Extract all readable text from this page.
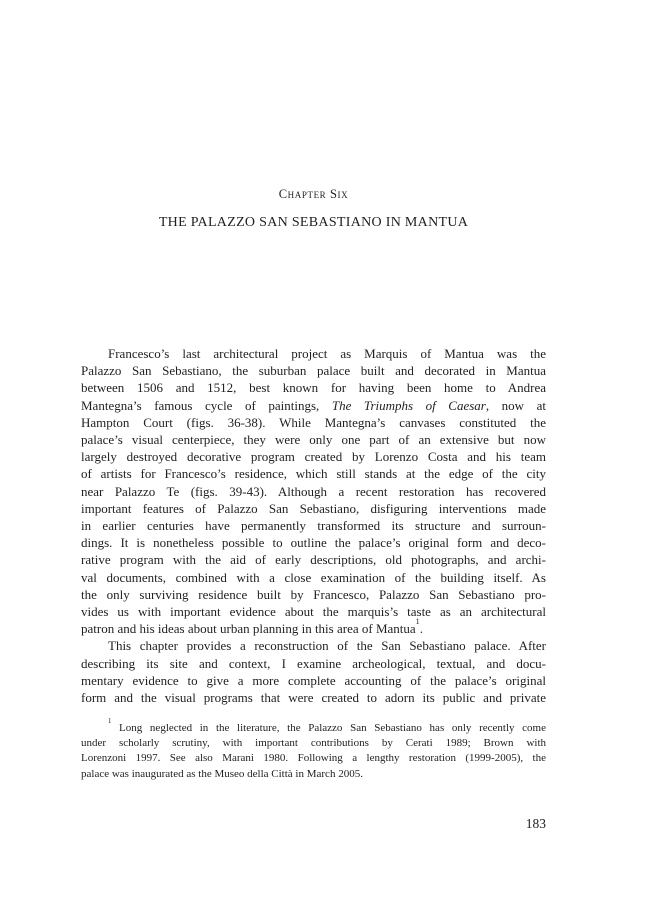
Chapter Six
THE PALAZZO SAN SEBASTIANO IN MANTUA
Francesco’s last architectural project as Marquis of Mantua was the
Palazzo San Sebastiano, the suburban palace built and decorated in Mantua
between 1506 and 1512, best known for having been home to Andrea
Mantegna’s famous cycle of paintings, The Triumphs of Caesar, now at
Hampton Court (figs. 36-38). While Mantegna’s canvases constituted the
palace’s visual centerpiece, they were only one part of an extensive but now
largely destroyed decorative program created by Lorenzo Costa and his team
of artists for Francesco’s residence, which still stands at the edge of the city
near Palazzo Te (figs. 39-43). Although a recent restoration has recovered
important features of Palazzo San Sebastiano, disfiguring interventions made
in earlier centuries have permanently transformed its structure and surroun-
dings. It is nonetheless possible to outline the palace’s original form and deco-
rative program with the aid of early descriptions, old photographs, and archi-
val documents, combined with a close examination of the building itself. As
the only surviving residence built by Francesco, Palazzo San Sebastiano pro-
vides us with important evidence about the marquis’s taste as an architectural
patron and his ideas about urban planning in this area of Mantua$^1$.
This chapter provides a reconstruction of the San Sebastiano palace. After
describing its site and context, I examine archeological, textual, and docu-
mentary evidence to give a more complete accounting of the palace’s original
form and the visual programs that were created to adorn its public and private
$^1$ Long neglected in the literature, the Palazzo San Sebastiano has only recently come
under scholarly scrutiny, with important contributions by Cerati 1989; Brown with
Lorenzoni 1997. See also Marani 1980. Following a lengthy restoration (1999-2005), the
palace was inaugurated as the Museo della Città in March 2005.
183
